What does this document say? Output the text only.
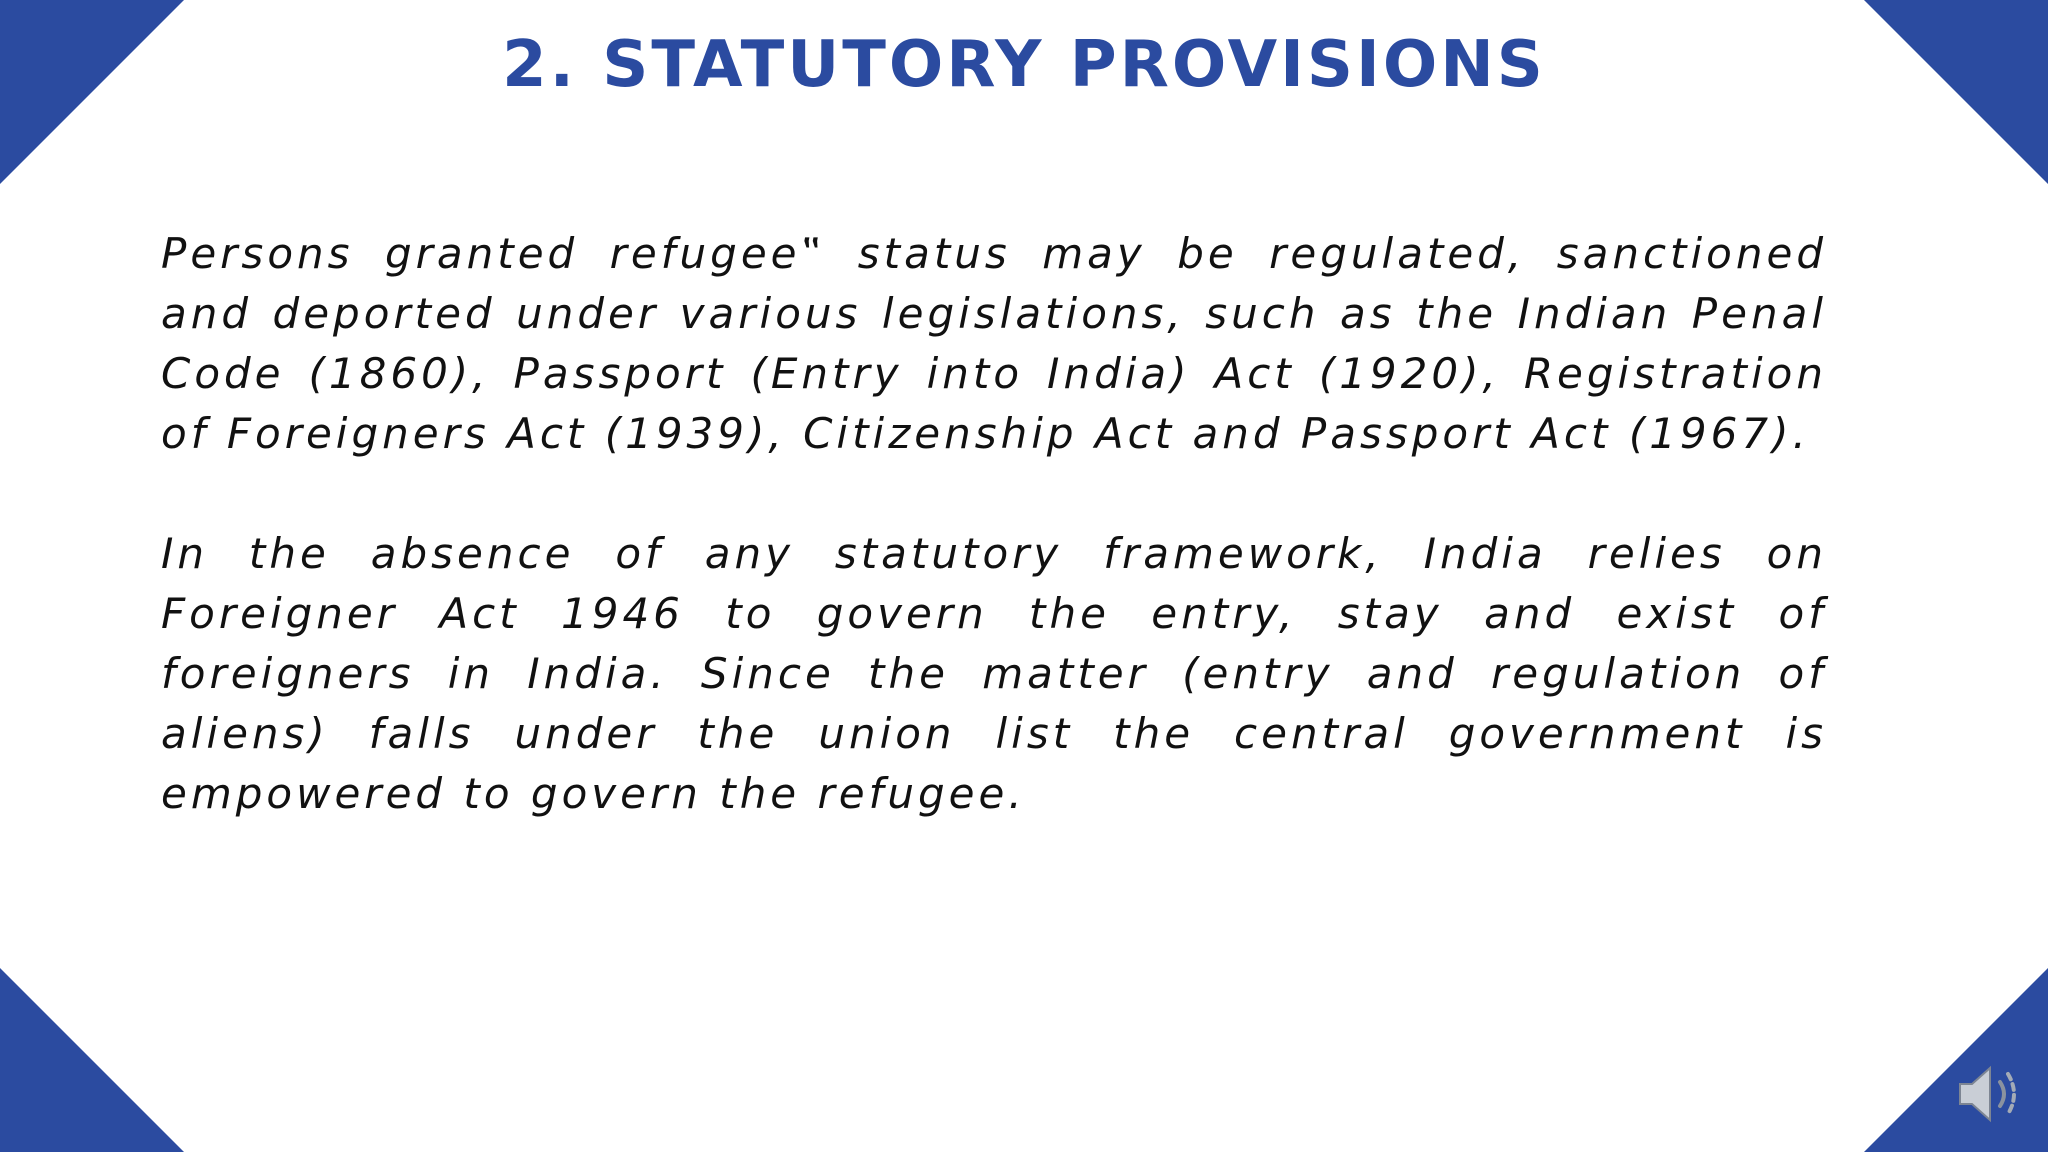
2. STATUTORY PROVISIONS

Persons granted refugee‟ status may be regulated, sanctioned and deported under various legislations, such as the Indian Penal Code (1860), Passport (Entry into India) Act (1920), Registration of Foreigners Act (1939), Citizenship Act and Passport Act (1967).

In the absence of any statutory framework, India relies on Foreigner Act 1946 to govern the entry, stay and exist of foreigners in India. Since the matter (entry and regulation of aliens) falls under the union list the central government is empowered to govern the refugee.
